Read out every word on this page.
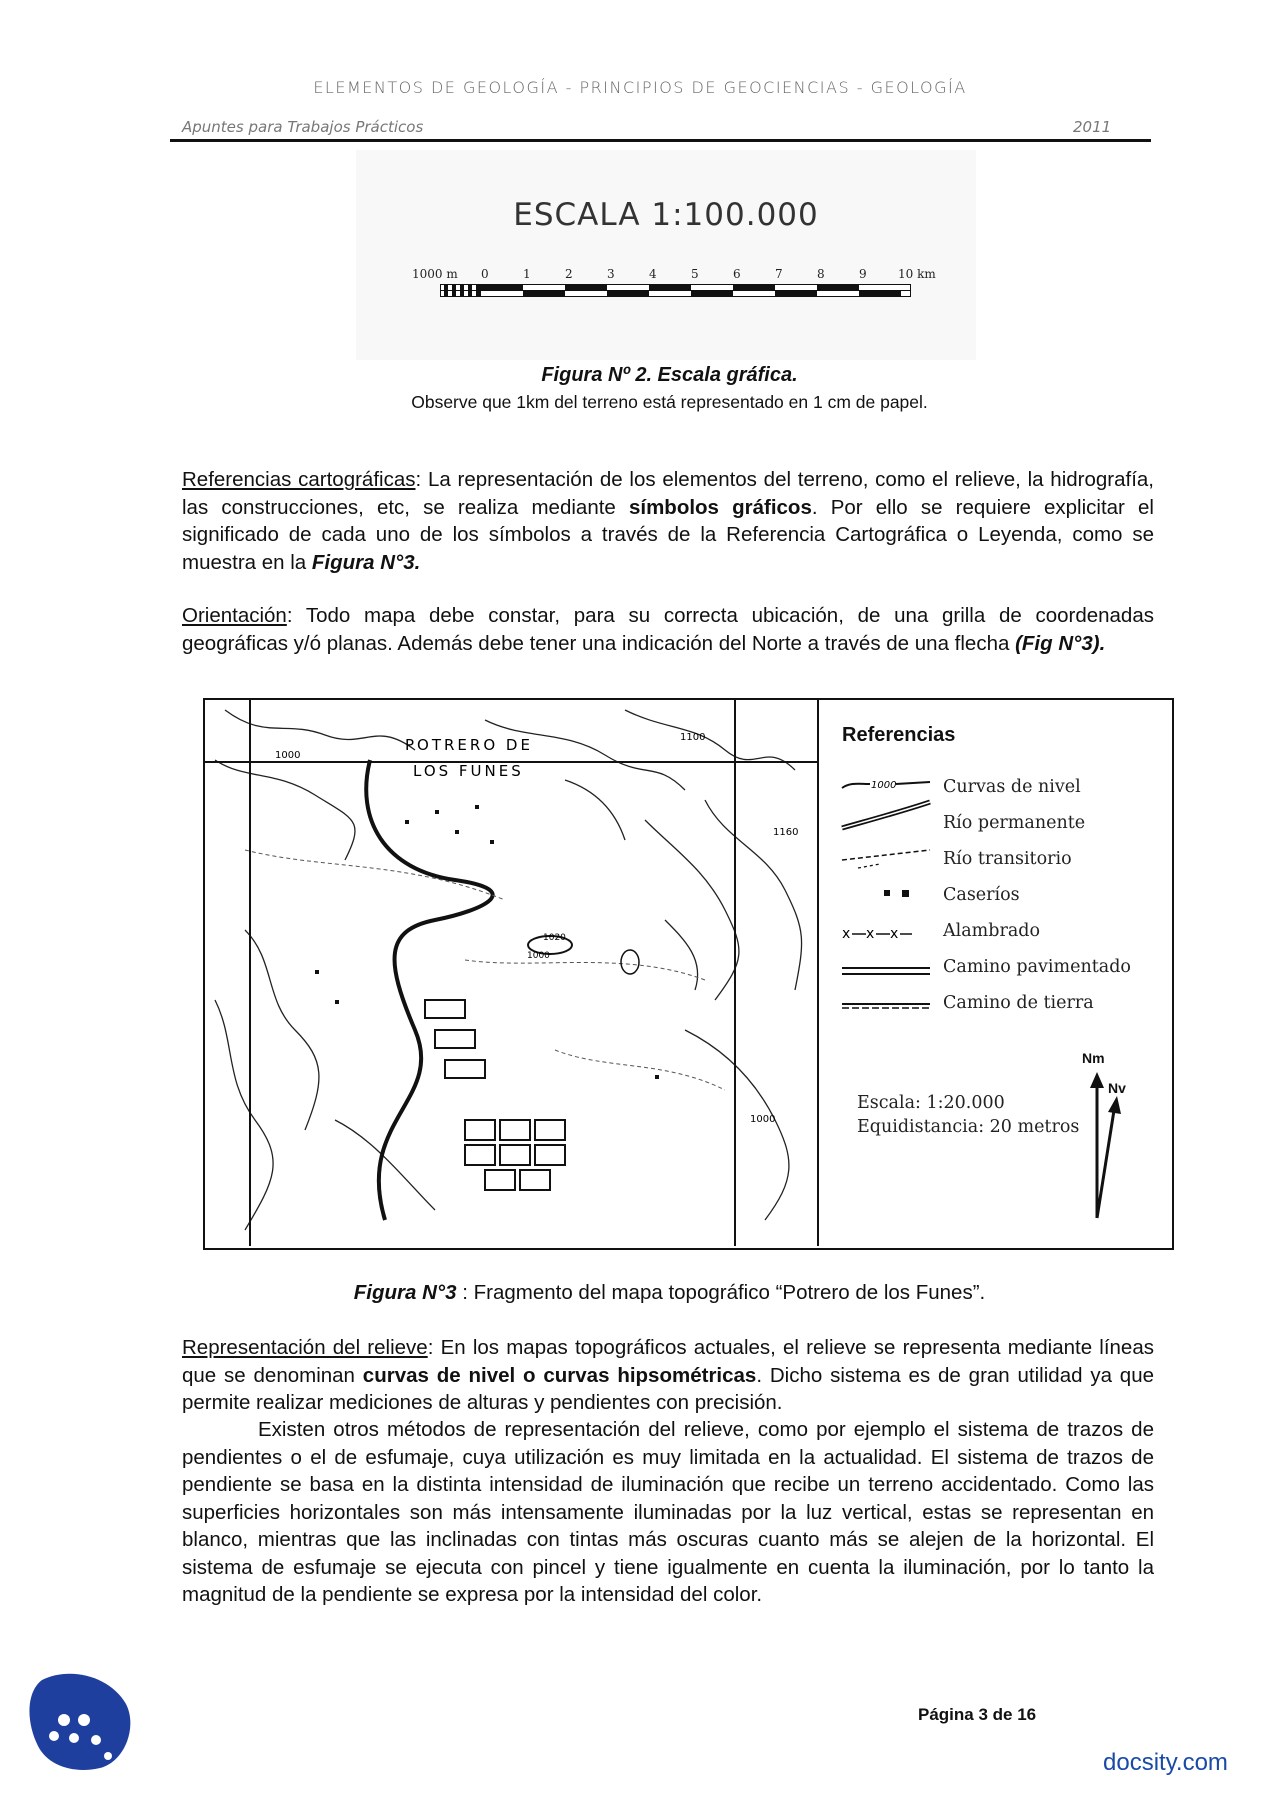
ELEMENTOS DE GEOLOGÍA - PRINCIPIOS DE GEOCIENCIAS - GEOLOGÍA
Apuntes para Trabajos Prácticos	2011
ESCALA 1:100.000
1000 m 0	1	2	3	4	5	6	7	8	9	10 km
Figura Nº 2. Escala gráfica.
Observe que 1km del terreno está representado en 1 cm de papel.
Referencias cartográficas: La representación de los elementos del terreno, como el relieve, la hidrografía, las construcciones, etc, se realiza mediante símbolos gráficos. Por ello se requiere explicitar el significado de cada uno de los símbolos a través de la Referencia Cartográfica o Leyenda, como se muestra en la Figura N°3.
Orientación: Todo mapa debe constar, para su correcta ubicación, de una grilla de coordenadas geográficas y/ó planas. Además debe tener una indicación del Norte a través de una flecha (Fig N°3).
POTRERO DE
LOS FUNES
1000
1100
1160
1020
1000
1000
Referencias
1000
x x x
Curvas de nivel
Río permanente
Río transitorio
Caseríos
Alambrado
Camino pavimentado
Camino de tierra
Escala: 1:20.000
Equidistancia: 20 metros
Nm
Nv
Figura N°3 : Fragmento del mapa topográfico “Potrero de los Funes”.
Representación del relieve: En los mapas topográficos actuales, el relieve se representa mediante líneas que se denominan curvas de nivel o curvas hipsométricas. Dicho sistema es de gran utilidad ya que permite realizar mediciones de alturas y pendientes con precisión.
Existen otros métodos de representación del relieve, como por ejemplo el sistema de trazos de pendientes o el de esfumaje, cuya utilización es muy limitada en la actualidad. El sistema de trazos de pendiente se basa en la distinta intensidad de iluminación que recibe un terreno accidentado. Como las superficies horizontales son más intensamente iluminadas por la luz vertical, estas se representan en blanco, mientras que las inclinadas con tintas más oscuras cuanto más se alejen de la horizontal. El sistema de esfumaje se ejecuta con pincel y tiene igualmente en cuenta la iluminación, por lo tanto la magnitud de la pendiente se expresa por la intensidad del color.
Página 3 de 16
docsity.com
